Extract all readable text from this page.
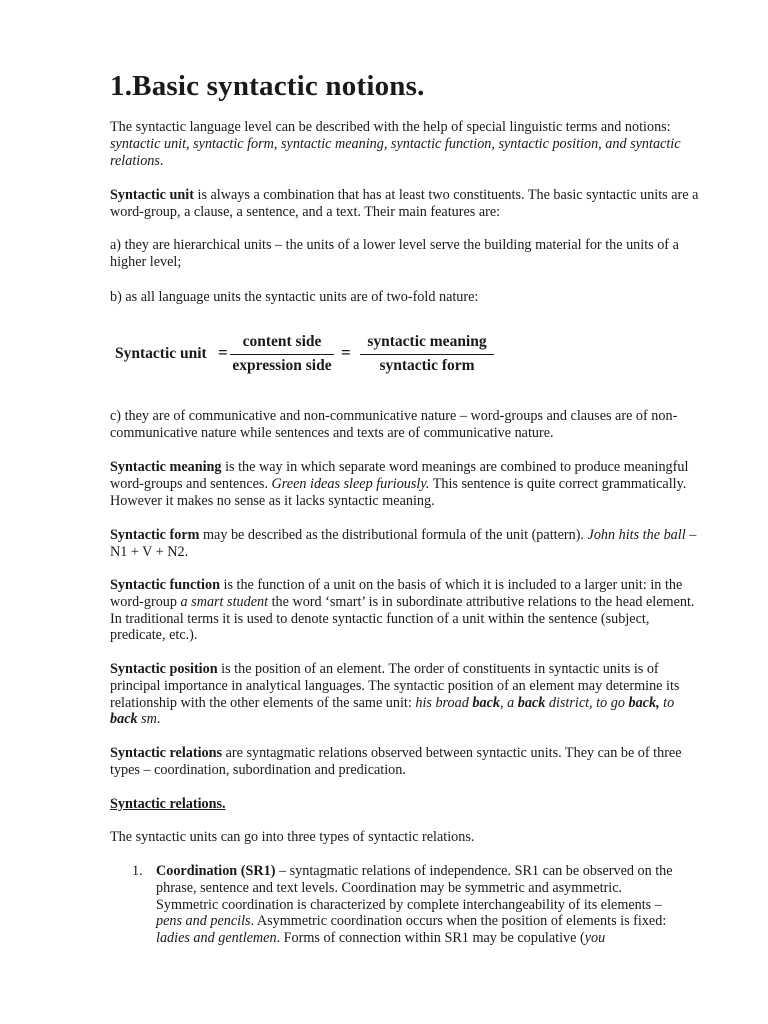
1.Basic syntactic notions.

The syntactic language level can be described with the help of special linguistic terms and notions: syntactic unit, syntactic form, syntactic meaning, syntactic function, syntactic position, and syntactic relations.

Syntactic unit is always a combination that has at least two constituents. The basic syntactic units are a word-group, a clause, a sentence, and a text. Their main features are:

a) they are hierarchical units – the units of a lower level serve the building material for the units of a higher level;

b) as all language units the syntactic units are of two-fold nature:

Syntactic unit =
content side
expression side
=
syntactic meaning
syntactic form

c) they are of communicative and non-communicative nature – word-groups and clauses are of non-communicative nature while sentences and texts are of communicative nature.

Syntactic meaning is the way in which separate word meanings are combined to produce meaningful word-groups and sentences. Green ideas sleep furiously. This sentence is quite correct grammatically. However it makes no sense as it lacks syntactic meaning.

Syntactic form may be described as the distributional formula of the unit (pattern). John hits the ball – N1 + V + N2.

Syntactic function is the function of a unit on the basis of which it is included to a larger unit: in the word-group a smart student the word ‘smart’ is in subordinate attributive relations to the head element. In traditional terms it is used to denote syntactic function of a unit within the sentence (subject, predicate, etc.).

Syntactic position is the position of an element. The order of constituents in syntactic units is of principal importance in analytical languages. The syntactic position of an element may determine its relationship with the other elements of the same unit: his broad back, a back district, to go back, to back sm.

Syntactic relations are syntagmatic relations observed between syntactic units. They can be of three types – coordination, subordination and predication.

Syntactic relations.

The syntactic units can go into three types of syntactic relations.

1. Coordination (SR1) – syntagmatic relations of independence. SR1 can be observed on the phrase, sentence and text levels. Coordination may be symmetric and asymmetric. Symmetric coordination is characterized by complete interchangeability of its elements – pens and pencils. Asymmetric coordination occurs when the position of elements is fixed: ladies and gentlemen. Forms of connection within SR1 may be copulative (you
